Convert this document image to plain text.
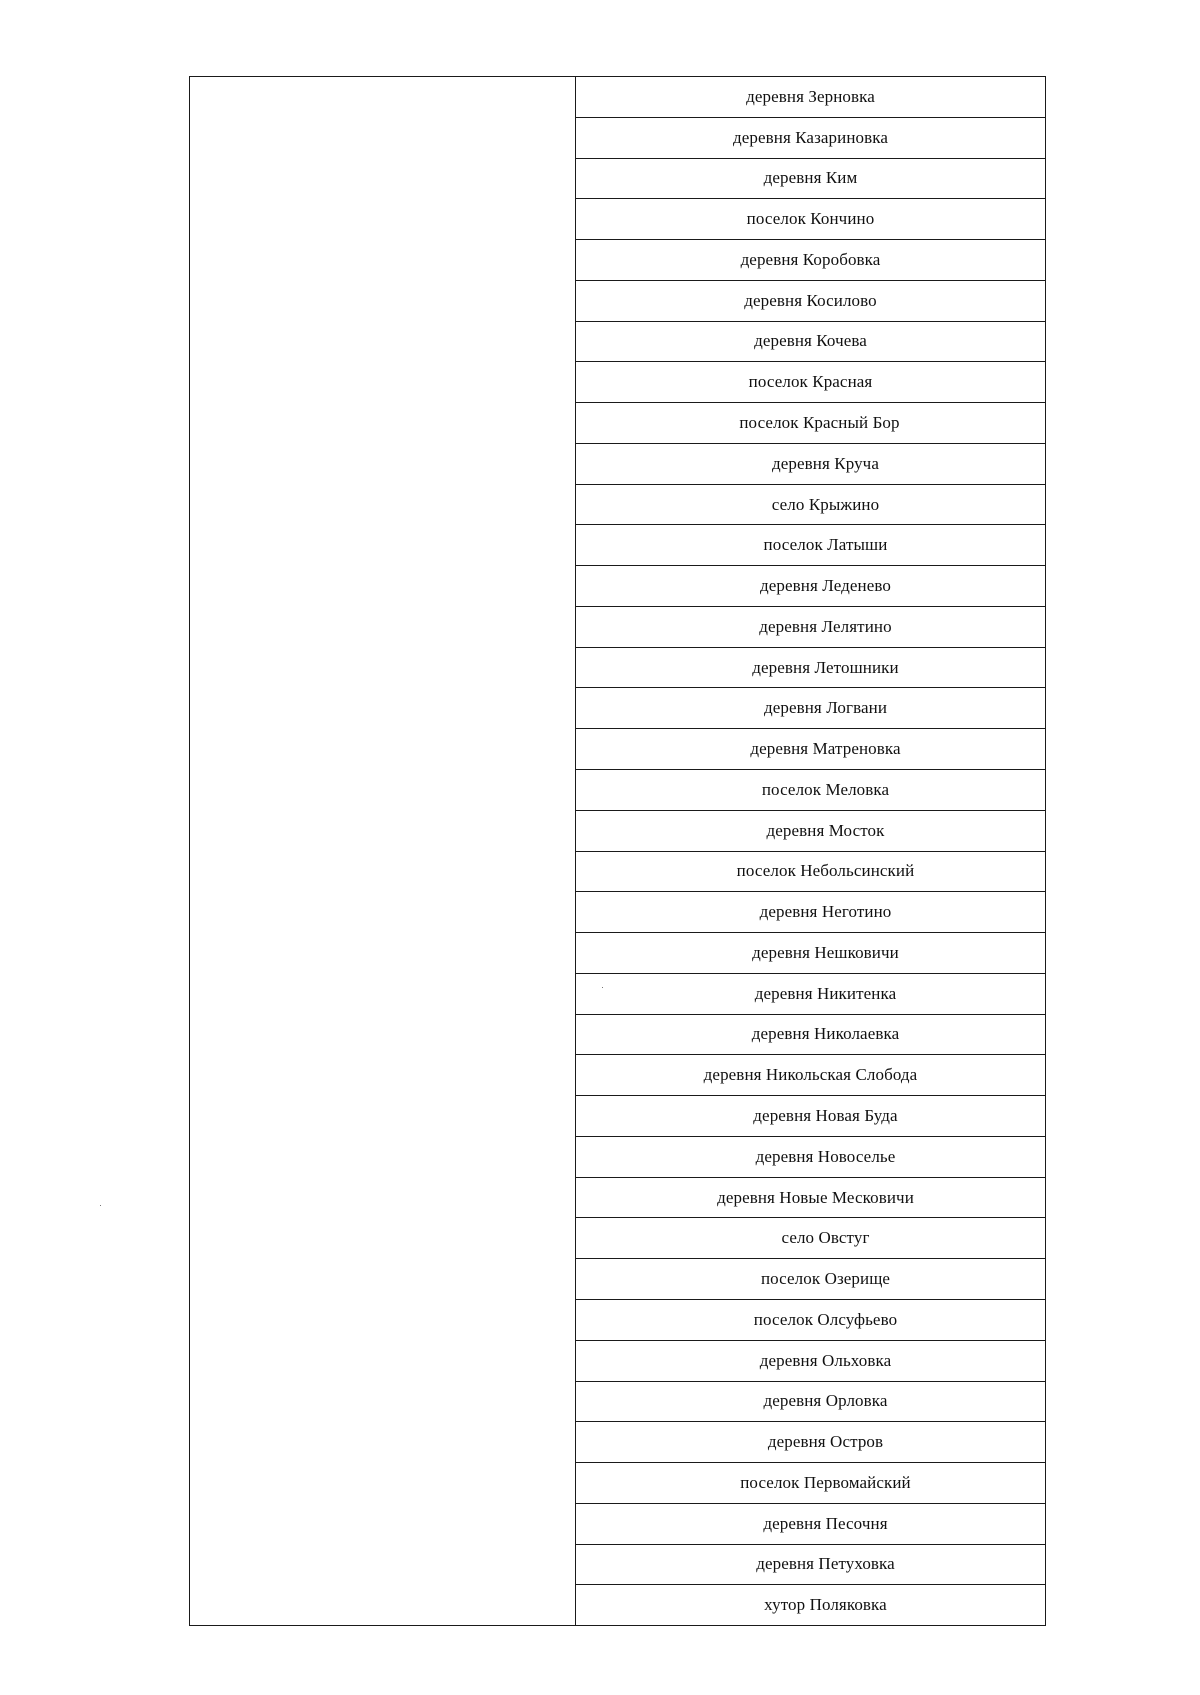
деревня Зерновка
деревня Казариновка
деревня Ким
поселок Кончино
деревня Коробовка
деревня Косилово
деревня Кочева
поселок Красная
поселок Красный Бор
деревня Круча
село Крыжино
поселок Латыши
деревня Леденево
деревня Лелятино
деревня Летошники
деревня Логвани
деревня Матреновка
поселок Меловка
деревня Мосток
поселок Небольсинский
деревня Неготино
деревня Нешковичи
деревня Никитенка
деревня Николаевка
деревня Никольская Слобода
деревня Новая Буда
деревня Новоселье
деревня Новые Месковичи
село Овстуг
поселок Озерище
поселок Олсуфьево
деревня Ольховка
деревня Орловка
деревня Остров
поселок Первомайский
деревня Песочня
деревня Петуховка
хутор Поляковка
